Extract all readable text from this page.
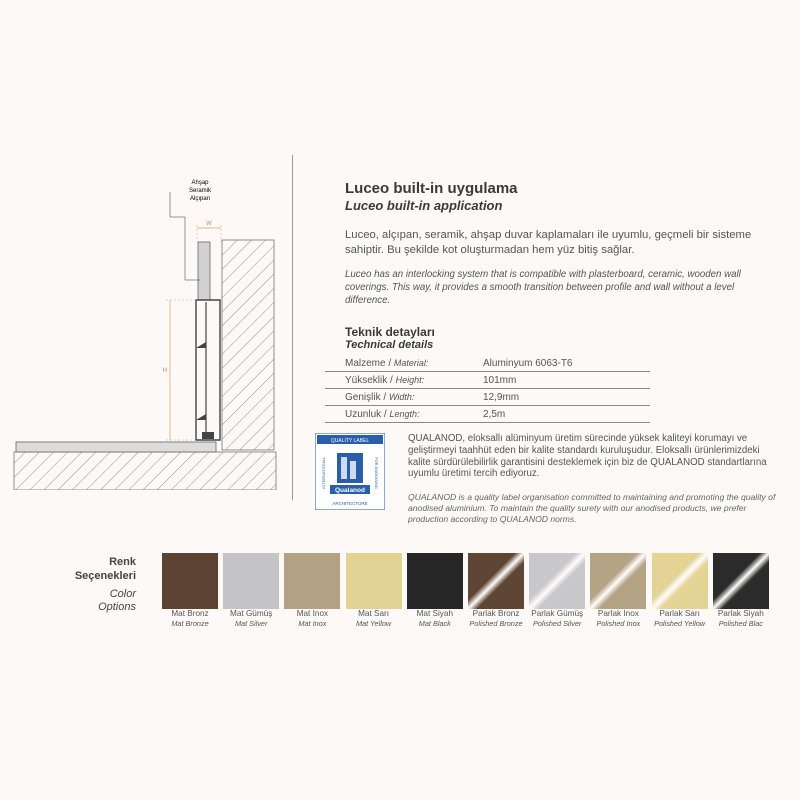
Ahşap
Seramik
Alçıpan
W
H
Luceo built-in uygulama
Luceo built-in application
Luceo, alçıpan, seramik, ahşap duvar kaplamaları ile uyumlu, geçmeli bir sisteme sahiptir. Bu şekilde kot oluşturmadan hem yüz bitiş sağlar.
Luceo has an interlocking system that is compatible with plasterboard, ceramic, wooden wall coverings. This way, it provides a smooth transition between profile and wall without a level difference.
Teknik detayları
Technical details
Malzeme / Material:	Aluminyum 6063-T6
Yükseklik / Height:	101mm
Genişlik / Width:	12,9mm
Uzunluk / Length:	2,5m
QUALITY LABEL
Qualanod
ARCHITECTURE
INTERNATIONAL	FOR ANODISING
QUALANOD, eloksallı alüminyum üretim sürecinde yüksek kaliteyi korumayı ve geliştirmeyi taahhüt eden bir kalite standardı kuruluşudur. Eloksallı ürünlerimizdeki kalite sürdürülebilirlik garantisini desteklemek için biz de QUALANOD standartlarına uyumlu üretimi tercih ediyoruz.
QUALANOD is a quality label organisation committed to maintaining and promoting the quality of anodised aluminium. To maintain the quality surety with our anodised products, we prefer production according to QUALANOD norms.
Renk
Seçenekleri
Color
Options
Mat Bronz
Mat Bronze
Mat Gümüş
Mat Silver
Mat Inox
Mat Inox
Mat Sarı
Mat Yellow
Mat Siyah
Mat Black
Parlak Bronz
Polished Bronze
Parlak Gümüş
Polished Silver
Parlak Inox
Polished Inox
Parlak Sarı
Polished Yellow
Parlak Siyah
Polished Blac
